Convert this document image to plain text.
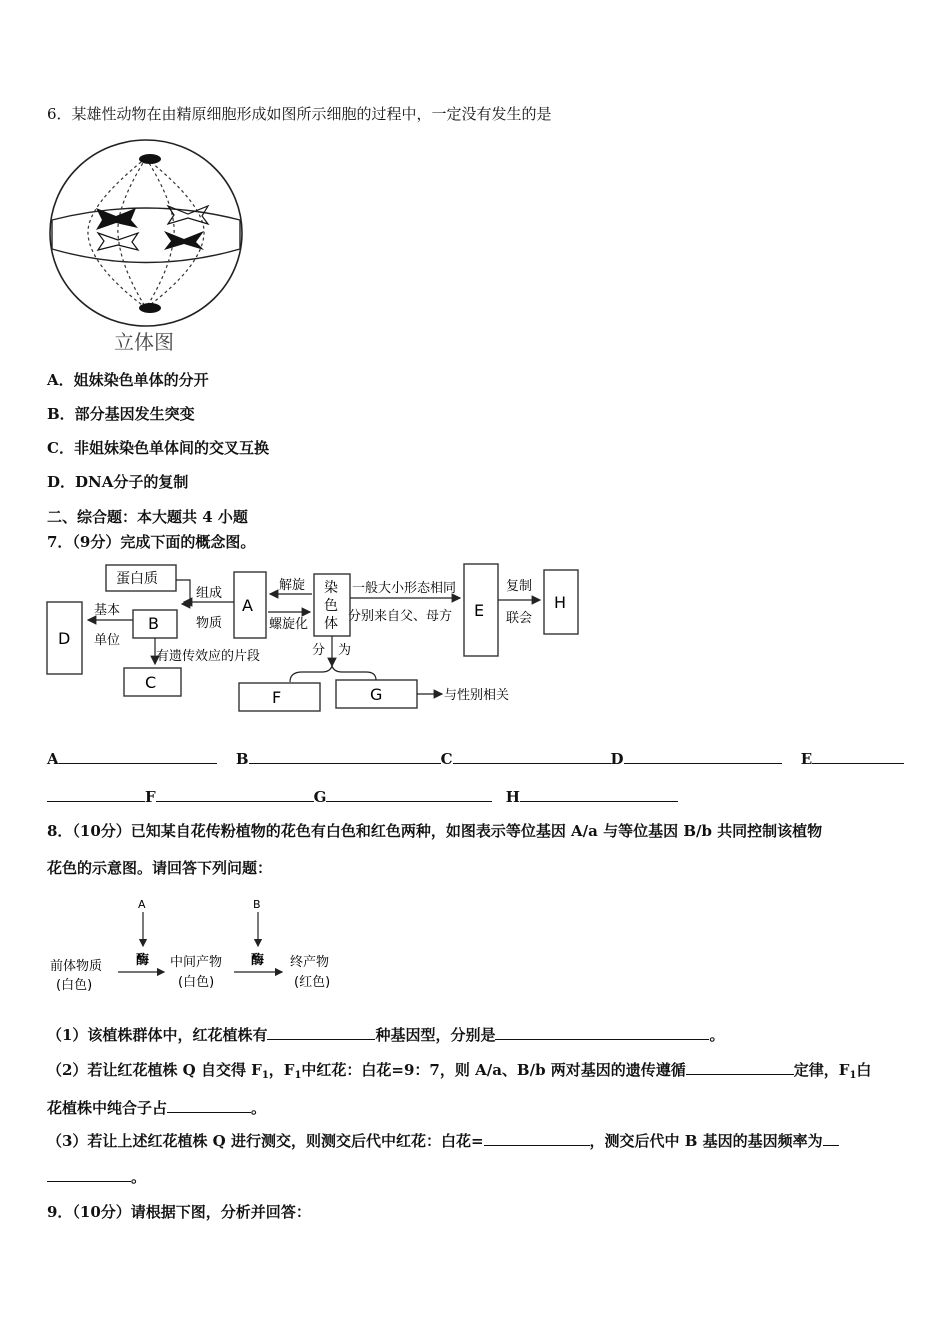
6．某雄性动物在由精原细胞形成如图所示细胞的过程中，一定没有发生的是
立体图
A．姐妹染色单体的分开
B．部分基因发生突变
C．非姐妹染色单体间的交叉互换
D．DNA分子的复制
二、综合题：本大题共 4 小题
7．（9分）完成下面的概念图。
蛋白质
组成
物质
基本
单位
D
B
C
A
解旋
螺旋化
染
色
体
一般大小形态相同
分别来自父、母方 E
复制
联会
H
有遗传效应的片段	分 为
F	G	与性别相关
A	B	C	D	E
F	G	H
8．（10分）已知某自花传粉植物的花色有白色和红色两种，如图表示等位基因 A/a 与等位基因 B/b 共同控制该植物
花色的示意图。请回答下列问题：
A	B
酶	酶
前体物质
(白色)
中间产物
(白色)
终产物
(红色)
（1）该植株群体中，红花植株有	种基因型，分别是	。
（2）若让红花植株 Q 自交得 $F_1$，$F_1$中红花：白花=9：7，则 A/a、B/b 两对基因的遗传遵循	定律，$F_1$白
花植株中纯合子占	。
（3）若让上述红花植株 Q 进行测交，则测交后代中红花：白花=	，测交后代中 B 基因的基因频率为
。
9．（10分）请根据下图，分析并回答：
